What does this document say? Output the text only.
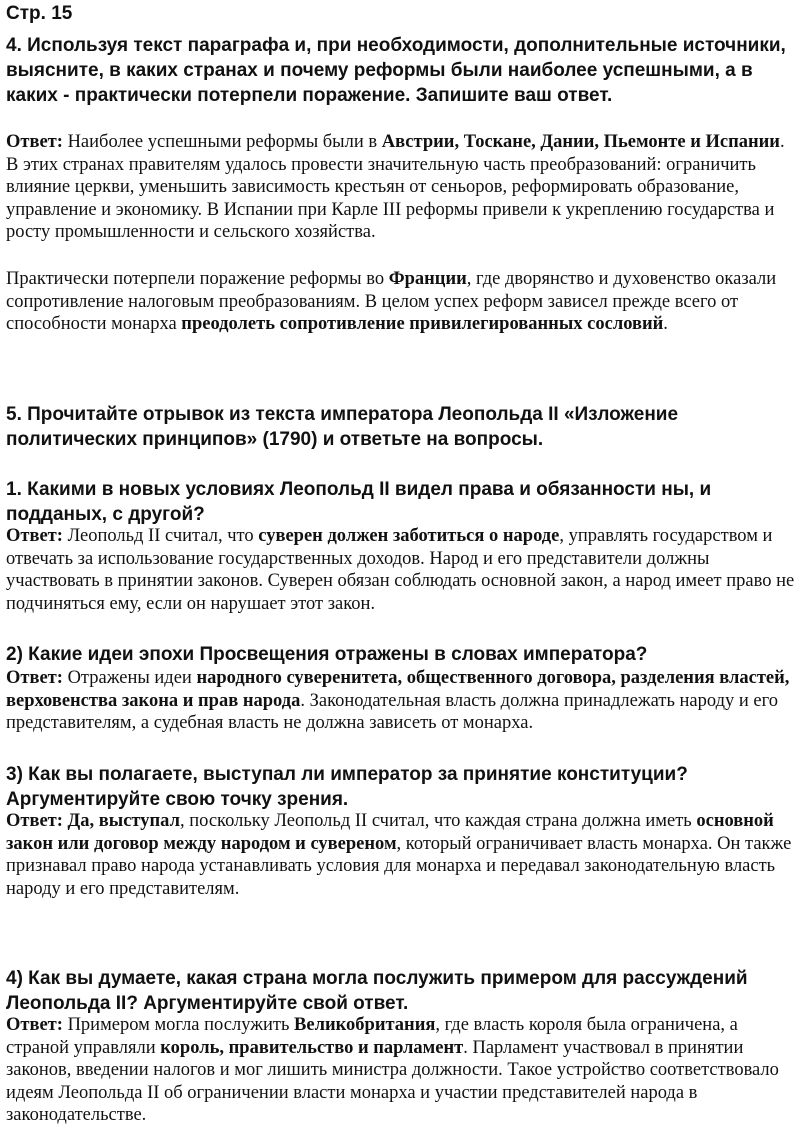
Стр. 15
4. Используя текст параграфа и, при необходимости, дополнительные источники, выясните, в каких странах и почему реформы были наиболее успешными, а в каких - практически потерпели поражение. Запишите ваш ответ.
Ответ: Наиболее успешными реформы были в Австрии, Тоскане, Дании, Пьемонте и Испании. В этих странах правителям удалось провести значительную часть преобразований: ограничить влияние церкви, уменьшить зависимость крестьян от сеньоров, реформировать образование, управление и экономику. В Испании при Карле III реформы привели к укреплению государства и росту промышленности и сельского хозяйства.
Практически потерпели поражение реформы во Франции, где дворянство и духовенство оказали сопротивление налоговым преобразованиям. В целом успех реформ зависел прежде всего от способности монарха преодолеть сопротивление привилегированных сословий.
5. Прочитайте отрывок из текста императора Леопольда II «Изложение политических принципов» (1790) и ответьте на вопросы.
1. Какими в новых условиях Леопольд II видел права и обязанности ны, и подданых, с другой?
Ответ: Леопольд II считал, что суверен должен заботиться о народе, управлять государством и отвечать за использование государственных доходов. Народ и его представители должны участвовать в принятии законов. Суверен обязан соблюдать основной закон, а народ имеет право не подчиняться ему, если он нарушает этот закон.
2) Какие идеи эпохи Просвещения отражены в словах императора?
Ответ: Отражены идеи народного суверенитета, общественного договора, разделения властей, верховенства закона и прав народа. Законодательная власть должна принадлежать народу и его представителям, а судебная власть не должна зависеть от монарха.
3) Как вы полагаете, выступал ли император за принятие конституции? Аргументируйте свою точку зрения.
Ответ: Да, выступал, поскольку Леопольд II считал, что каждая страна должна иметь основной закон или договор между народом и сувереном, который ограничивает власть монарха. Он также признавал право народа устанавливать условия для монарха и передавал законодательную власть народу и его представителям.
4) Как вы думаете, какая страна могла послужить примером для рассуждений Леопольда II? Аргументируйте свой ответ.
Ответ: Примером могла послужить Великобритания, где власть короля была ограничена, а страной управляли король, правительство и парламент. Парламент участвовал в принятии законов, введении налогов и мог лишить министра должности. Такое устройство соответствовало идеям Леопольда II об ограничении власти монарха и участии представителей народа в законодательстве.
